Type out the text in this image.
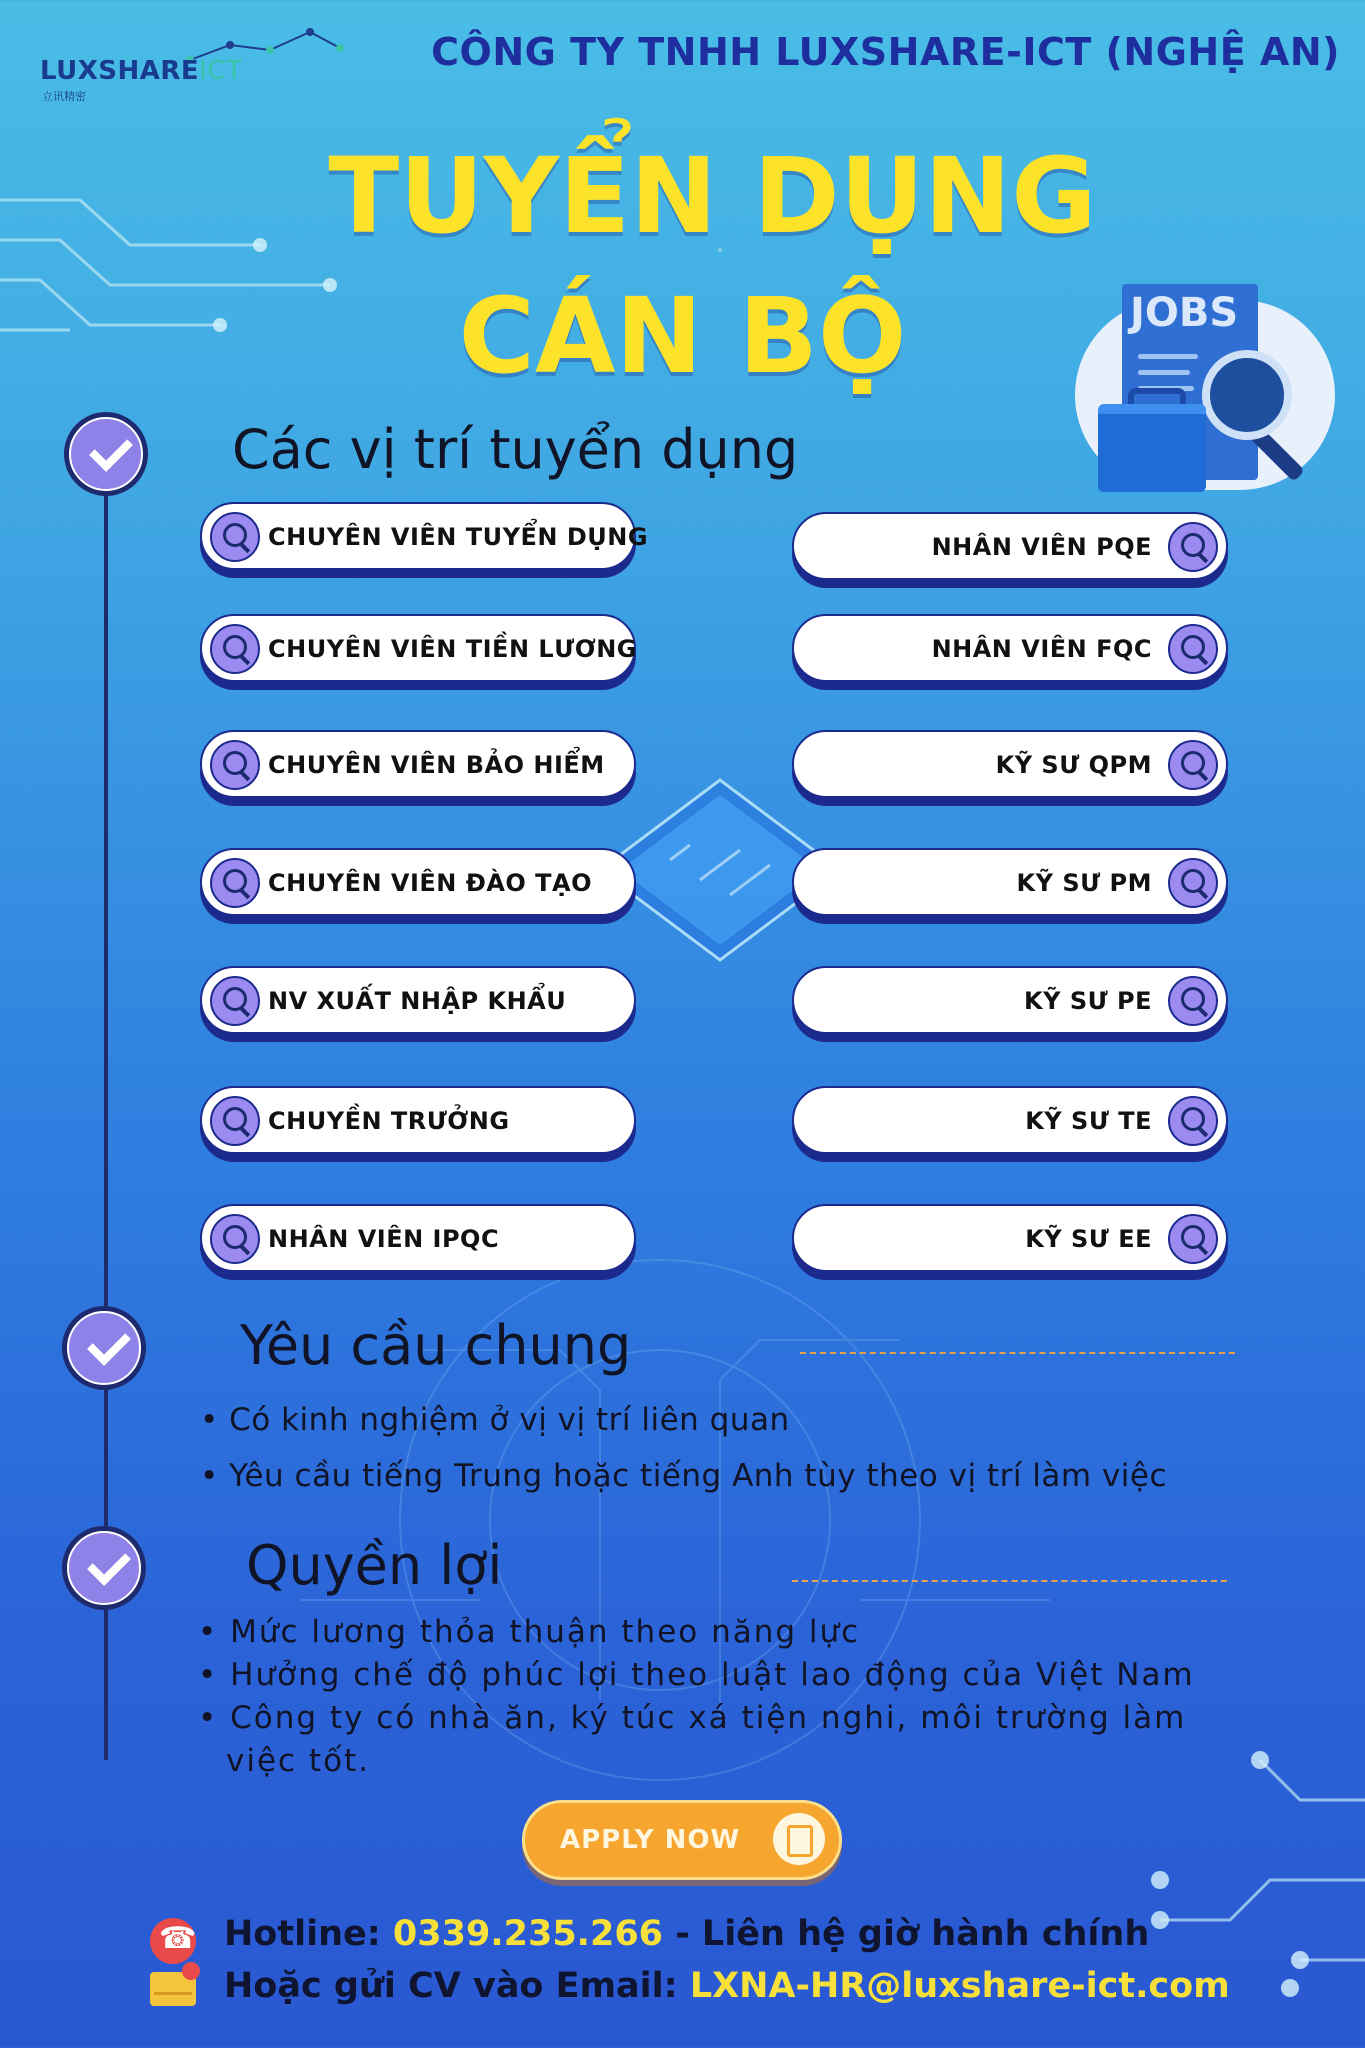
LUXSHAREICT
立讯精密
CÔNG TY TNHH LUXSHARE-ICT (NGHỆ AN)
TUYỂN DỤNG
CÁN BỘ	JOBS
Các vị trí tuyển dụng
CHUYÊN VIÊN TUYỂN DỤNG
CHUYÊN VIÊN TIỀN LƯƠNG
CHUYÊN VIÊN BẢO HIỂM
CHUYÊN VIÊN ĐÀO TẠO
NV XUẤT NHẬP KHẨU
CHUYỀN TRƯỞNG
NHÂN VIÊN IPQC
NHÂN VIÊN PQE
NHÂN VIÊN FQC
KỸ SƯ QPM
KỸ SƯ PM
KỸ SƯ PE
KỸ SƯ TE
KỸ SƯ EE
Yêu cầu chung
• Có kinh nghiệm ở vị vị trí liên quan
• Yêu cầu tiếng Trung hoặc tiếng Anh tùy theo vị trí làm việc
Quyền lợi
• Mức lương thỏa thuận theo năng lực
• Hưởng chế độ phúc lợi theo luật lao động của Việt Nam
• Công ty có nhà ăn, ký túc xá tiện nghi, môi trường làm
việc tốt.
APPLY NOW
☎
Hotline: 0339.235.266 - Liên hệ giờ hành chính
Hoặc gửi CV vào Email: LXNA-HR@luxshare-ict.com
